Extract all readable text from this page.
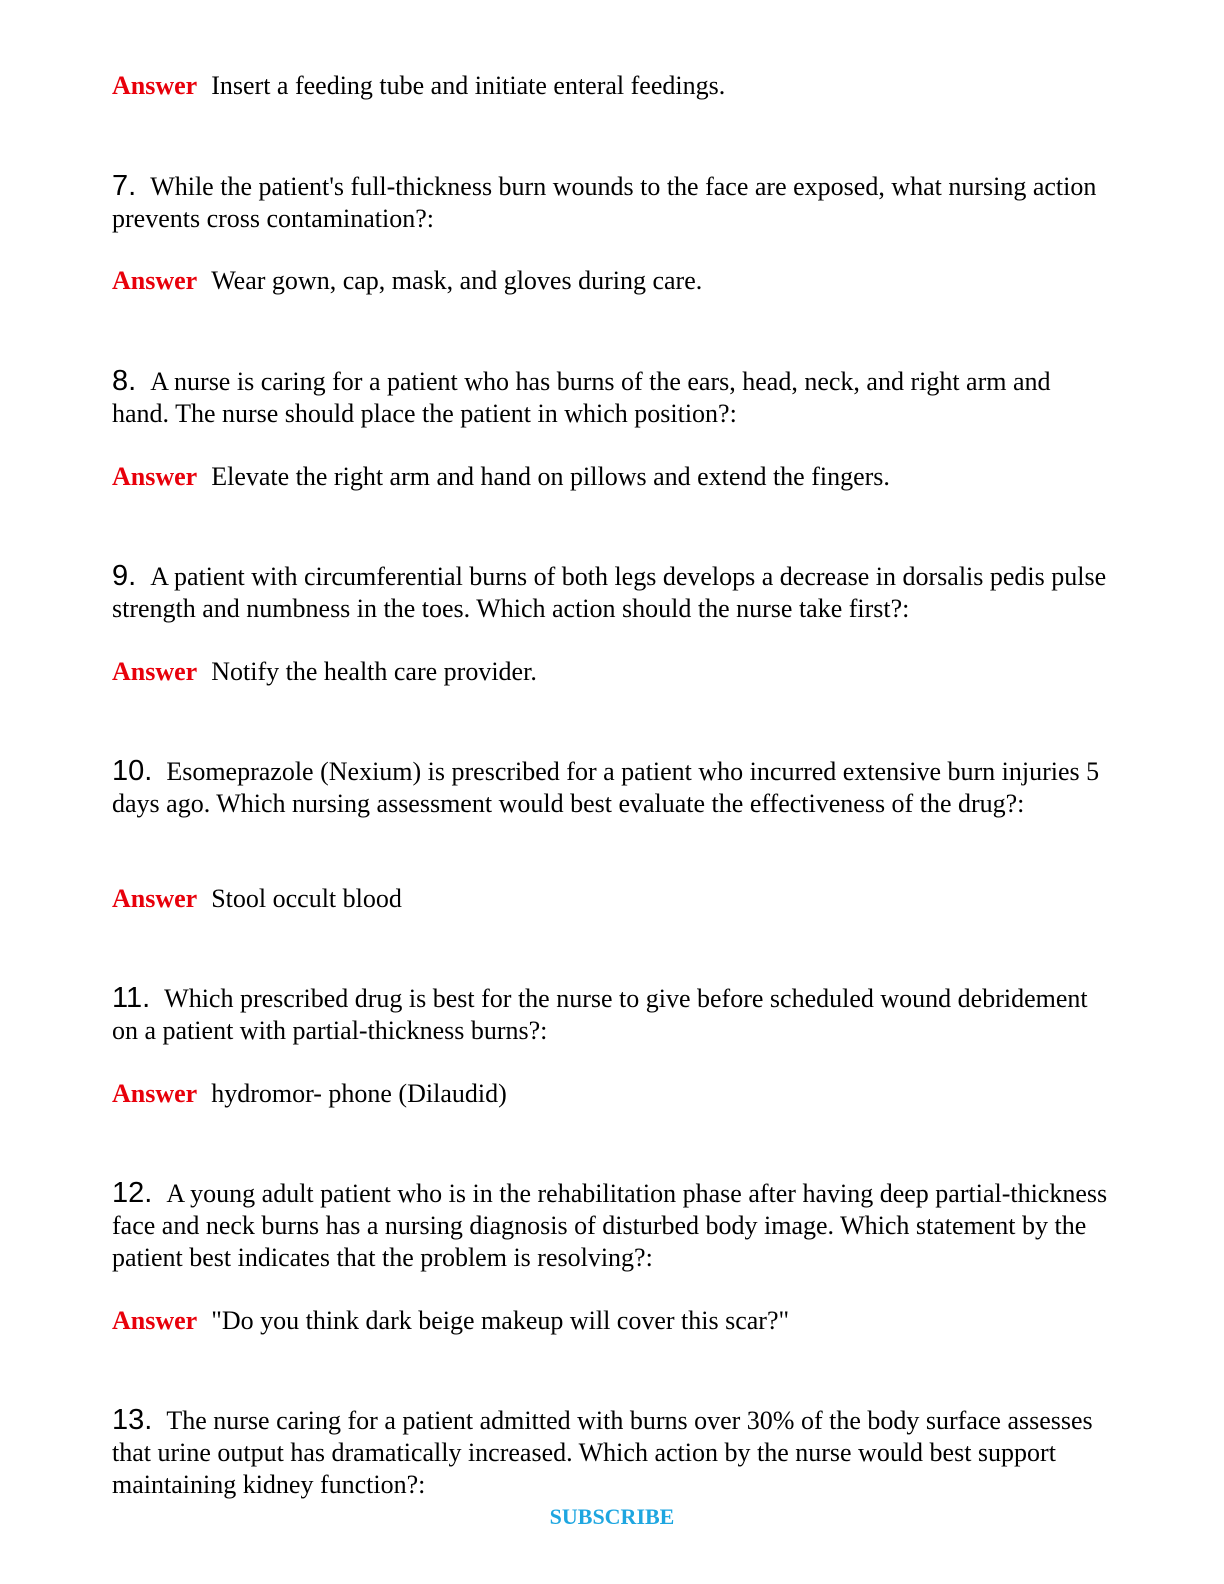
Answer Insert a feeding tube and initiate enteral feedings.
7. While the patient's full-thickness burn wounds to the face are exposed, what nursing action prevents cross contamination?:
Answer Wear gown, cap, mask, and gloves during care.
8. A nurse is caring for a patient who has burns of the ears, head, neck, and right arm and hand. The nurse should place the patient in which position?:
Answer Elevate the right arm and hand on pillows and extend the fingers.
9. A patient with circumferential burns of both legs develops a decrease in dorsalis pedis pulse strength and numbness in the toes. Which action should the nurse take first?:
Answer Notify the health care provider.
10. Esomeprazole (Nexium) is prescribed for a patient who incurred extensive burn injuries 5 days ago. Which nursing assessment would best evaluate the effectiveness of the drug?:
Answer Stool occult blood
11. Which prescribed drug is best for the nurse to give before scheduled wound debridement on a patient with partial-thickness burns?:
Answer hydromor- phone (Dilaudid)
12. A young adult patient who is in the rehabilitation phase after having deep partial-thickness face and neck burns has a nursing diagnosis of disturbed body image. Which statement by the patient best indicates that the problem is resolving?:
Answer "Do you think dark beige makeup will cover this scar?"
13. The nurse caring for a patient admitted with burns over 30% of the body surface assesses that urine output has dramatically increased. Which action by the nurse would best support maintaining kidney function?:
SUBSCRIBE
